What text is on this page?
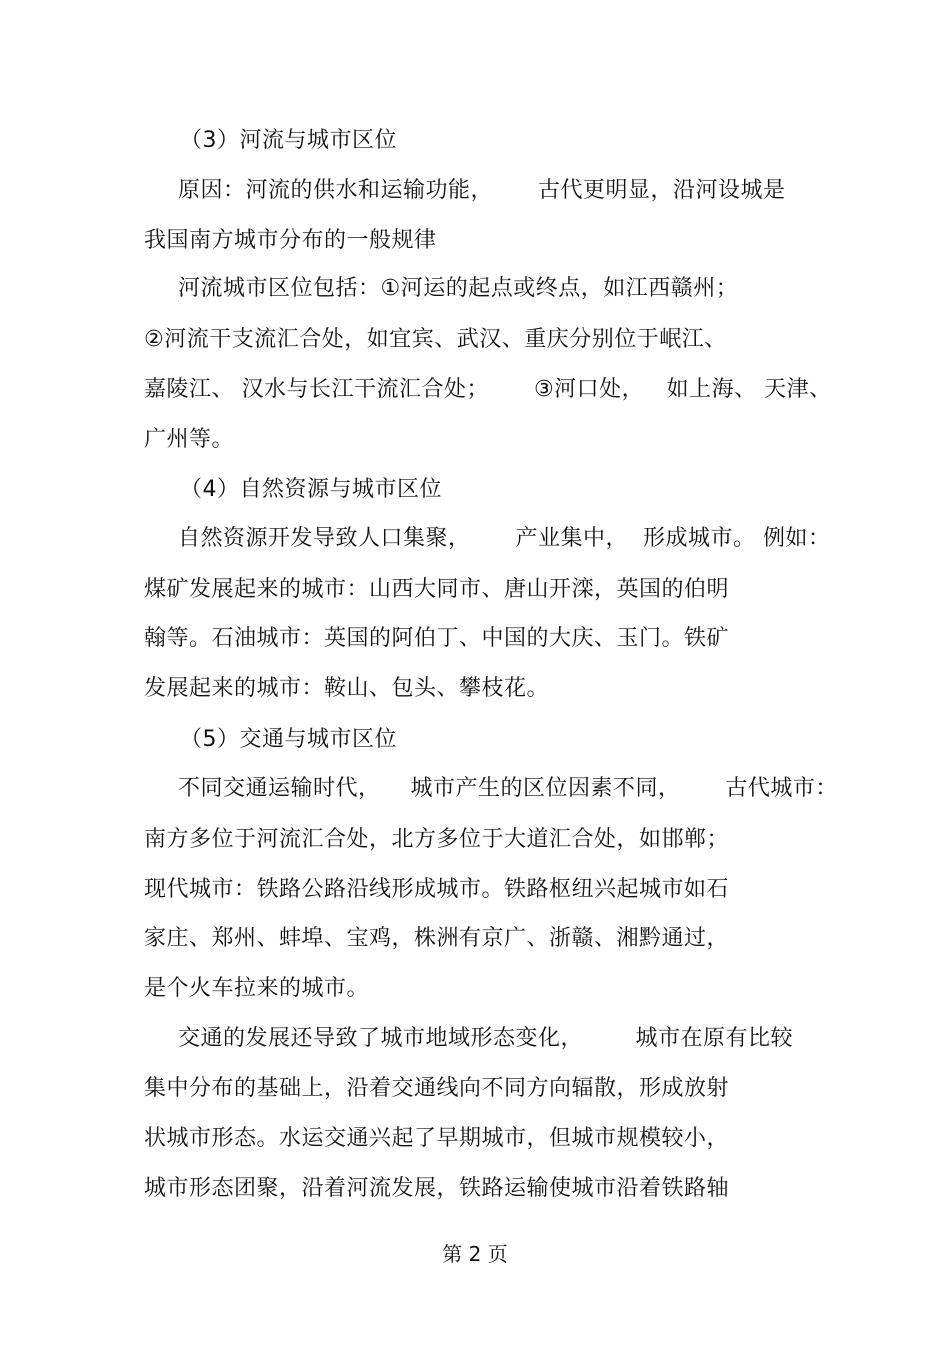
（3）河流与城市区位
原因：河流的供水和运输功能，      古代更明显，沿河设城是
我国南方城市分布的一般规律
河流城市区位包括：①河运的起点或终点，如江西赣州；
②河流干支流汇合处，如宜宾、武汉、重庆分别位于岷江、
嘉陵江、 汉水与长江干流汇合处；      ③河口处，   如上海、 天津、
广州等。
（4）自然资源与城市区位
自然资源开发导致人口集聚，      产业集中，  形成城市。 例如：
煤矿发展起来的城市：山西大同市、唐山开滦，英国的伯明
翰等。石油城市：英国的阿伯丁、中国的大庆、玉门。铁矿
发展起来的城市：鞍山、包头、攀枝花。
（5）交通与城市区位
不同交通运输时代，    城市产生的区位因素不同，      古代城市：
南方多位于河流汇合处，北方多位于大道汇合处，如邯郸；
现代城市：铁路公路沿线形成城市。铁路枢纽兴起城市如石
家庄、郑州、蚌埠、宝鸡，株洲有京广、浙赣、湘黔通过，
是个火车拉来的城市。
交通的发展还导致了城市地域形态变化，       城市在原有比较
集中分布的基础上，沿着交通线向不同方向辐散，形成放射
状城市形态。水运交通兴起了早期城市，但城市规模较小，
城市形态团聚，沿着河流发展，铁路运输使城市沿着铁路轴
第 2 页
